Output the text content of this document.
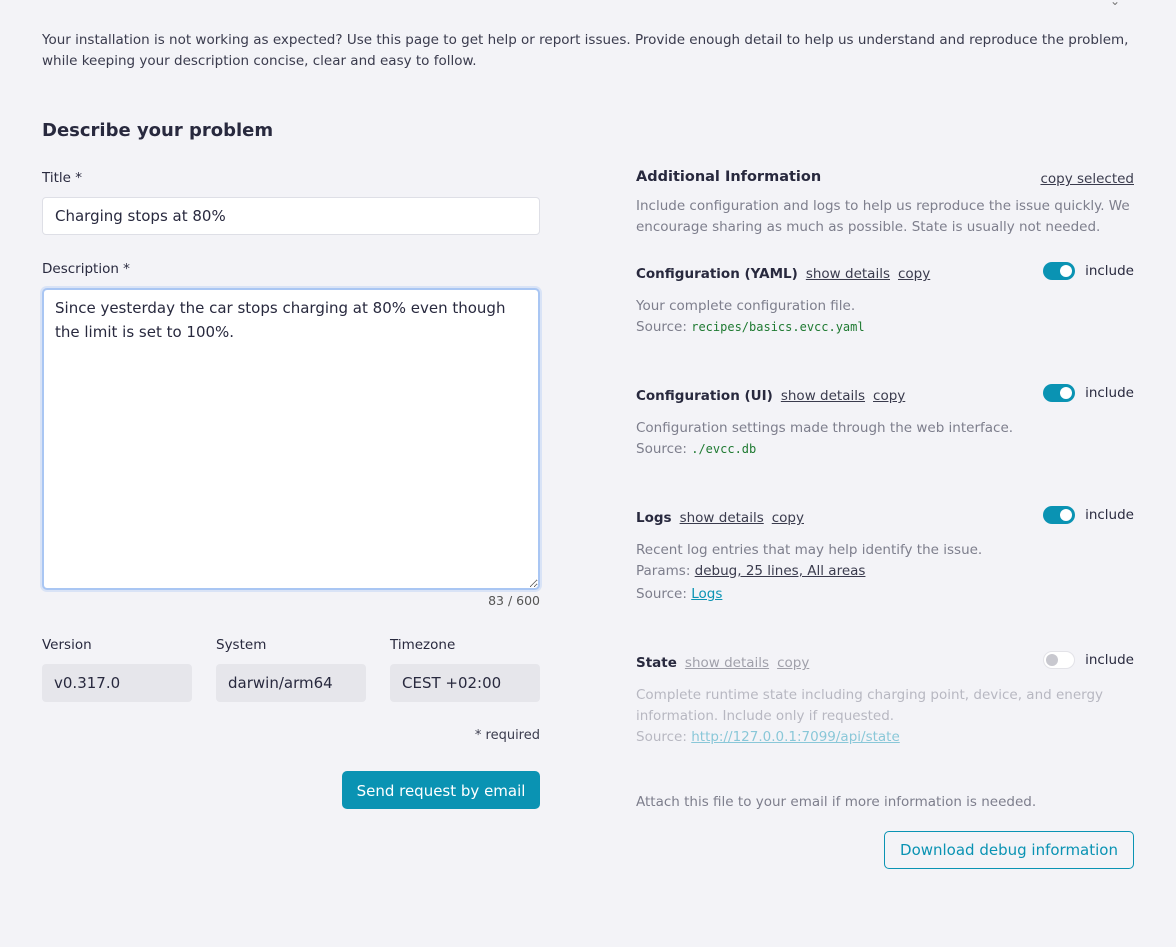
⌄

Your installation is not working as expected? Use this page to get help or report issues. Provide enough detail to help us understand and reproduce the problem, while keeping your description concise, clear and easy to follow.

Describe your problem
Title *
Charging stops at 80%
Description *
Since yesterday the car stops charging at 80% even though the limit is set to 100%.
83 / 600
Version
v0.317.0
System
darwin/arm64
Timezone
CEST +02:00
* required
Send request by email
Additional Information	copy selected

Include configuration and logs to help us reproduce the issue quickly. We encourage sharing as much as possible. State is usually not needed.

Configuration (YAML) show details copy	include
Your complete configuration file.
Source: recipes/basics.evcc.yaml
Configuration (UI) show details copy	include
Configuration settings made through the web interface.
Source: ./evcc.db
Logs show details copy	include
Recent log entries that may help identify the issue.
Params: debug, 25 lines, All areas
Source: Logs
State show details copy	include
Complete runtime state including charging point, device, and energy information. Include only if requested.
Source: http://127.0.0.1:7099/api/state
Attach this file to your email if more information is needed.
Download debug information
